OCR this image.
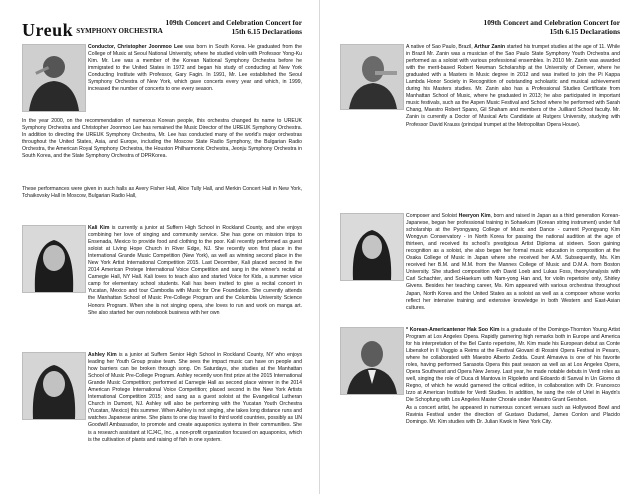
Ureuk SYMPHONY ORCHESTRA
109th Concert and Celebration Concert for
15th 6.15 Declarations

Conductor, Christopher Joonmoo Lee was born in South Korea. He graduated from the College of Music at Seoul National University, where he studied violin with Professor Yong-Ku Kim. Mr. Lee was a member of the Korean National Symphony Orchestra before he immigrated to the United States in 1972 and began his study of conducting at New York Conducting Institute with Professor, Gary Fagin. In 1991, Mr. Lee established the Seoul Symphony Orchestra of New York, which gave concerts every year and which, in 1999, increased the number of concerts to one every season.

In the year 2000, on the recommendation of numerous Korean people, this orchestra changed its name to UREUK Symphony Orchestra and Christopher Joonmoo Lee has remained the Music Director of the UREUK Symphony Orchestra. In addition to directing the UREUK Symphony Orchestra, Mr. Lee has conducted many of the world's major orchestras throughout the United States, Asia, and Europe, including the Moscow State Radio Symphony, the Bulgarian Radio Orchestra, the American Royal Symphony Orchestra, the Houston Philharmonic Orchestra, Jeonju Symphony Orchestra in South Korea, and the State Symphony Orchestra of DPRKorea.

These performances were given in such halls as Avery Fisher Hall, Alice Tully Hall, and Merkin Concert Hall in New York, Tchaikovsky Hall in Moscow, Bulgarian Radio Hall,

Kali Kim is currently a junior at Suffern High School in Rockland County, and she enjoys combining her love of singing and community service. She has gone on mission trips to Ensenada, Mexico to provide food and clothing to the poor. Kali recently performed as guest soloist at Living Hope Church in River Edge, NJ. She recently won first place in the International Grande Music Competition (New York), as well as winning second place in the New York Artist International Competition 2015. Last December, Kali placed second in the 2014 American Protege International Voice Competition and sang in the winner's recital at Carnegie Hall, NY Hall. Kali loves to teach also and started Voice for Kids, a summer voice camp for elementary school students. Kali has been invited to give a recital concert in Yucatan, Mexico and tour Cambodia with Music for One Foundation. She currently attends the Manhattan School of Music Pre-College Program and the Columbia University Science Honors Program. When she is not singing opera, she loves to run and work on manga art. She also started her own notebook business with her own

Ashley Kim is a junior at Suffern Senior High School in Rockland County, NY who enjoys leading her Youth Group praise team. She sees the impact music can have on people and how barriers can be broken through song. On Saturdays, she studies at the Manhattan School of Music Pre-College Program. Ashley recently won first prize at the 2015 International Grande Music Competition; performed at Carnegie Hall as second place winner in the 2014 American Protege International Voice Competition; placed second in the New York Artists International Competition 2015; and sang as a guest soloist at the Evangelical Lutheran Church in Dumont, NJ. Ashley will also be performing with the Yucatan Youth Orchestra (Yucatan, Mexico) this summer. When Ashley is not singing, she takes long distance runs and watches Japanese anime. She plans to one day travel to third world countries, possibly as UN Goodwill Ambassador, to promote and create aquaponics systems in their communities. She is a research assistant at ICJ4C, Inc., a non-profit organization focused on aquaponics, which is the cultivation of plants and raising of fish in one system.

109th Concert and Celebration Concert for
15th 6.15 Declarations

A native of Sao Paulo, Brazil, Arthur Zanin started his trumpet studies at the age of 11. While in Brazil Mr. Zanin was a musician of the Sao Paulo State Symphony Youth Orchestra and performed as a soloist with various professional ensembles. In 2010 Mr. Zanin was awarded with the merit-based Robert Newman Scholarship at the University of Denver, where he graduated with a Masters in Music degree in 2012 and was invited to join the Pi Kappa Lambda Honor Society in Recognition of outstanding scholastic and musical achievement during his Masters studies. Mr. Zanin also has a Professional Studies Certificate from Manhattan School of Music, where he graduated in 2013; he also participated in important music festivals, such as the Aspen Music Festival and School where he performed with Sarah Chang, Maestro Robert Spano, Gil Shaham and members of the Juilliard School faculty. Mr. Zanin is currently a Doctor of Musical Arts Candidate at Rutgers University, studying with Professor David Krauss (principal trumpet at the Metropolitan Opera House).

Composer and Soloist Heeryon Kim, born and raised in Japan as a third generation Korean-Japanese, began her professional training in Sohaekum (Korean string instrument) under full scholarship at the Pyongyang College of Music and Dance - current Pyongyang Kim Wongyun Conservatory - in North Korea for passing the national audition at the age of thirteen, and received its school's prestigious Artist Diploma at sixteen. Soon gaining recognition as a soloist, she also began her formal music education in composition at the Osaka College of Music in Japan where she received her A.M. Subsequently, Ms. Kim received her B.M. and M.M. from the Mannes College of Music and D.M.A. from Boston University. She studied composition with David Loeb and Lukas Foss, theory/analysis with Carl Schachter, and SoHaekum with Nam-yong Han and, for violin repertoire only, Shirley Givens. Besides her teaching career, Ms. Kim appeared with various orchestras throughout Japan, North Korea and the United States as a soloist as well as a composer whose works reflect her intensive training and extensive knowledge in both Western and East-Asian cultures.

* Korean-Americantenor Hak Soo Kim is a graduate of the Domingo-Thornton Young Artist Program at Los Angeles Opera. Rapidly garnering high remarks both in Europe and America for his interpretation of the Bel Canto repertoire, Mr. Kim made his European debut as Conte Libenskof in Il Viaggio a Reims at the Festival Giovani di Rossini Opera Festival in Pesaro, where he collaborated with Maestro Alberto Zedda. Count Almaviva is one of his favorite roles, having performed Sarasota Opera this past season as well as at Los Angeles Opera, Opera Southwest and Opera New Jersey. Last year, he made notable debuts in Verdi roles as well, singing the role of Duca di Mantova in Rigoletto and Edoardo di Sanval in Un Giorno di Regno, of which he would garnered the critical edition, in collaboration with Dr. Francesco Izzo at American Institute for Verdi Studies. In addition, he sang the role of Uriel in Haydn's Die Schopfung with Los Angeles Master Chorale under Maestro Grant Gershon.
As a concert artist, he appeared in numerous concert venues such as Hollywood Bowl and Ravinia Festival under the direction of Gustavo Dudamel, James Conlon and Placido Domingo. Mr. Kim studies with Dr. Julian Kwok in New York City.
